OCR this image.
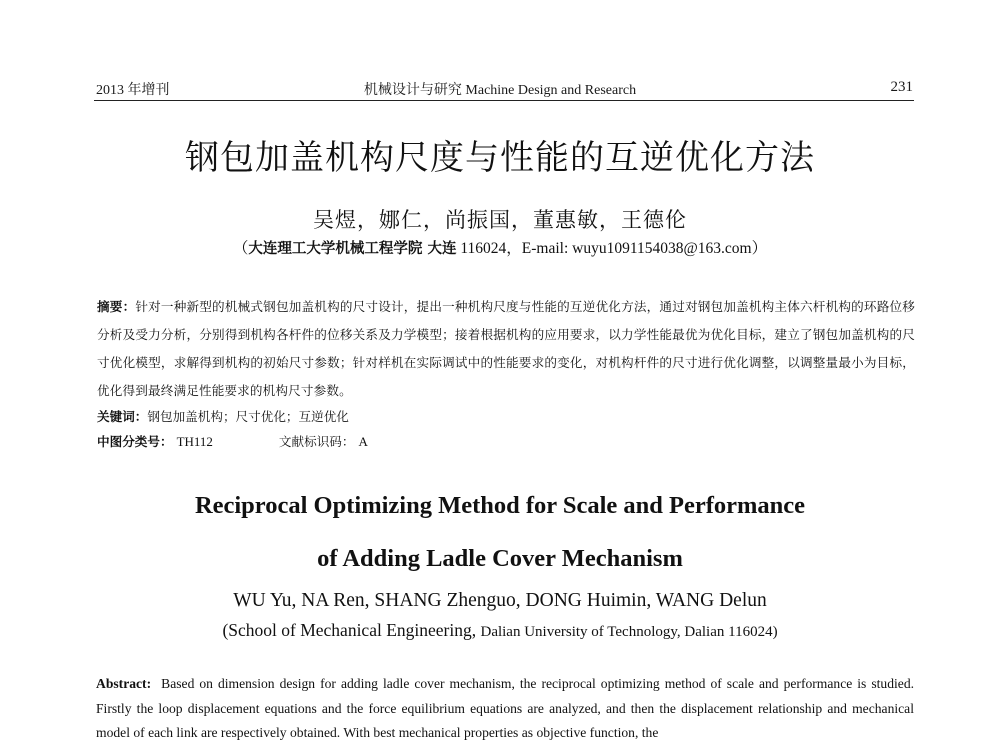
2013 年增刊	机械设计与研究 Machine Design and Research	231
钢包加盖机构尺度与性能的互逆优化方法
吴煜，娜仁，尚振国，董惠敏，王德伦
（大连理工大学机械工程学院 大连 116024，E-mail: wuyu1091154038@163.com）
摘要：针对一种新型的机械式钢包加盖机构的尺寸设计，提出一种机构尺度与性能的互逆优化方法，通过对钢包加盖机构主体六杆机构的环路位移分析及受力分析，分别得到机构各杆件的位移关系及力学模型；接着根据机构的应用要求，以力学性能最优为优化目标，建立了钢包加盖机构的尺寸优化模型，求解得到机构的初始尺寸参数；针对样机在实际调试中的性能要求的变化，对机构杆件的尺寸进行优化调整，以调整量最小为目标，优化得到最终满足性能要求的机构尺寸参数。
关键词：钢包加盖机构；尺寸优化；互逆优化
中图分类号： TH112	文献标识码： A
Reciprocal Optimizing Method for Scale and Performance
of Adding Ladle Cover Mechanism
WU Yu, NA Ren, SHANG Zhenguo, DONG Huimin, WANG Delun
(School of Mechanical Engineering, Dalian University of Technology, Dalian 116024)
Abstract: Based on dimension design for adding ladle cover mechanism, the reciprocal optimizing method of scale and performance is studied. Firstly the loop displacement equations and the force equilibrium equations are analyzed, and then the displacement relationship and mechanical model of each link are respectively obtained. With best mechanical properties as objective function, the
